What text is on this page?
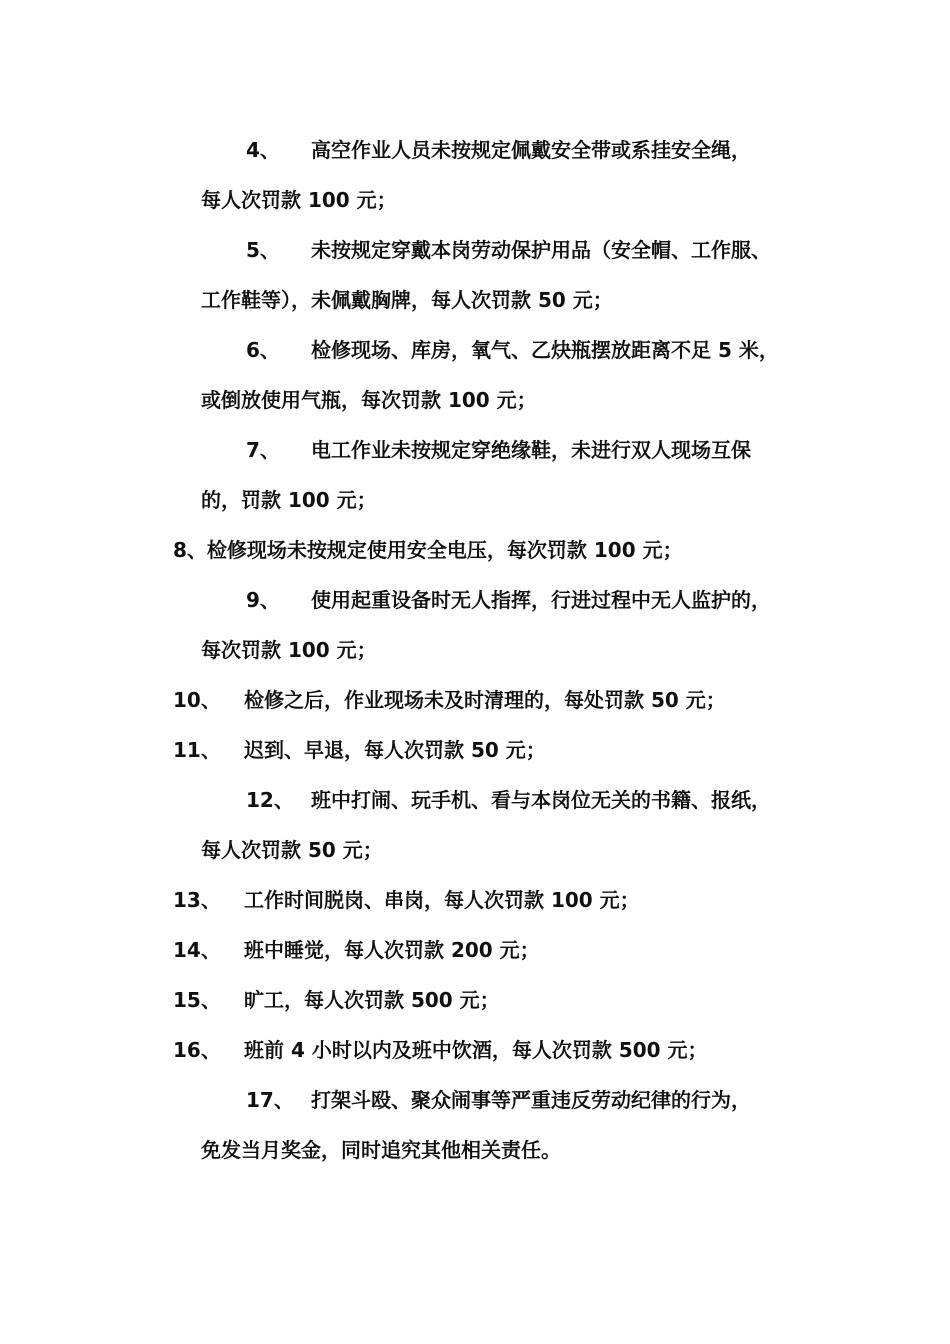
4、 高空作业人员未按规定佩戴安全带或系挂安全绳，
每人次罚款 100 元；
5、 未按规定穿戴本岗劳动保护用品（安全帽、工作服、
工作鞋等），未佩戴胸牌，每人次罚款 50 元；
6、 检修现场、库房，氧气、乙炔瓶摆放距离不足 5 米，
或倒放使用气瓶，每次罚款 100 元；
7、 电工作业未按规定穿绝缘鞋，未进行双人现场互保
的，罚款 100 元；
8、检修现场未按规定使用安全电压，每次罚款 100 元；
9、 使用起重设备时无人指挥，行进过程中无人监护的，
每次罚款 100 元；
10、 检修之后，作业现场未及时清理的，每处罚款 50 元；
11、 迟到、早退，每人次罚款 50 元；
12、 班中打闹、玩手机、看与本岗位无关的书籍、报纸，
每人次罚款 50 元；
13、 工作时间脱岗、串岗，每人次罚款 100 元；
14、 班中睡觉，每人次罚款 200 元；
15、 旷工，每人次罚款 500 元；
16、 班前 4 小时以内及班中饮酒，每人次罚款 500 元；
17、 打架斗殴、聚众闹事等严重违反劳动纪律的行为，
免发当月奖金，同时追究其他相关责任。
